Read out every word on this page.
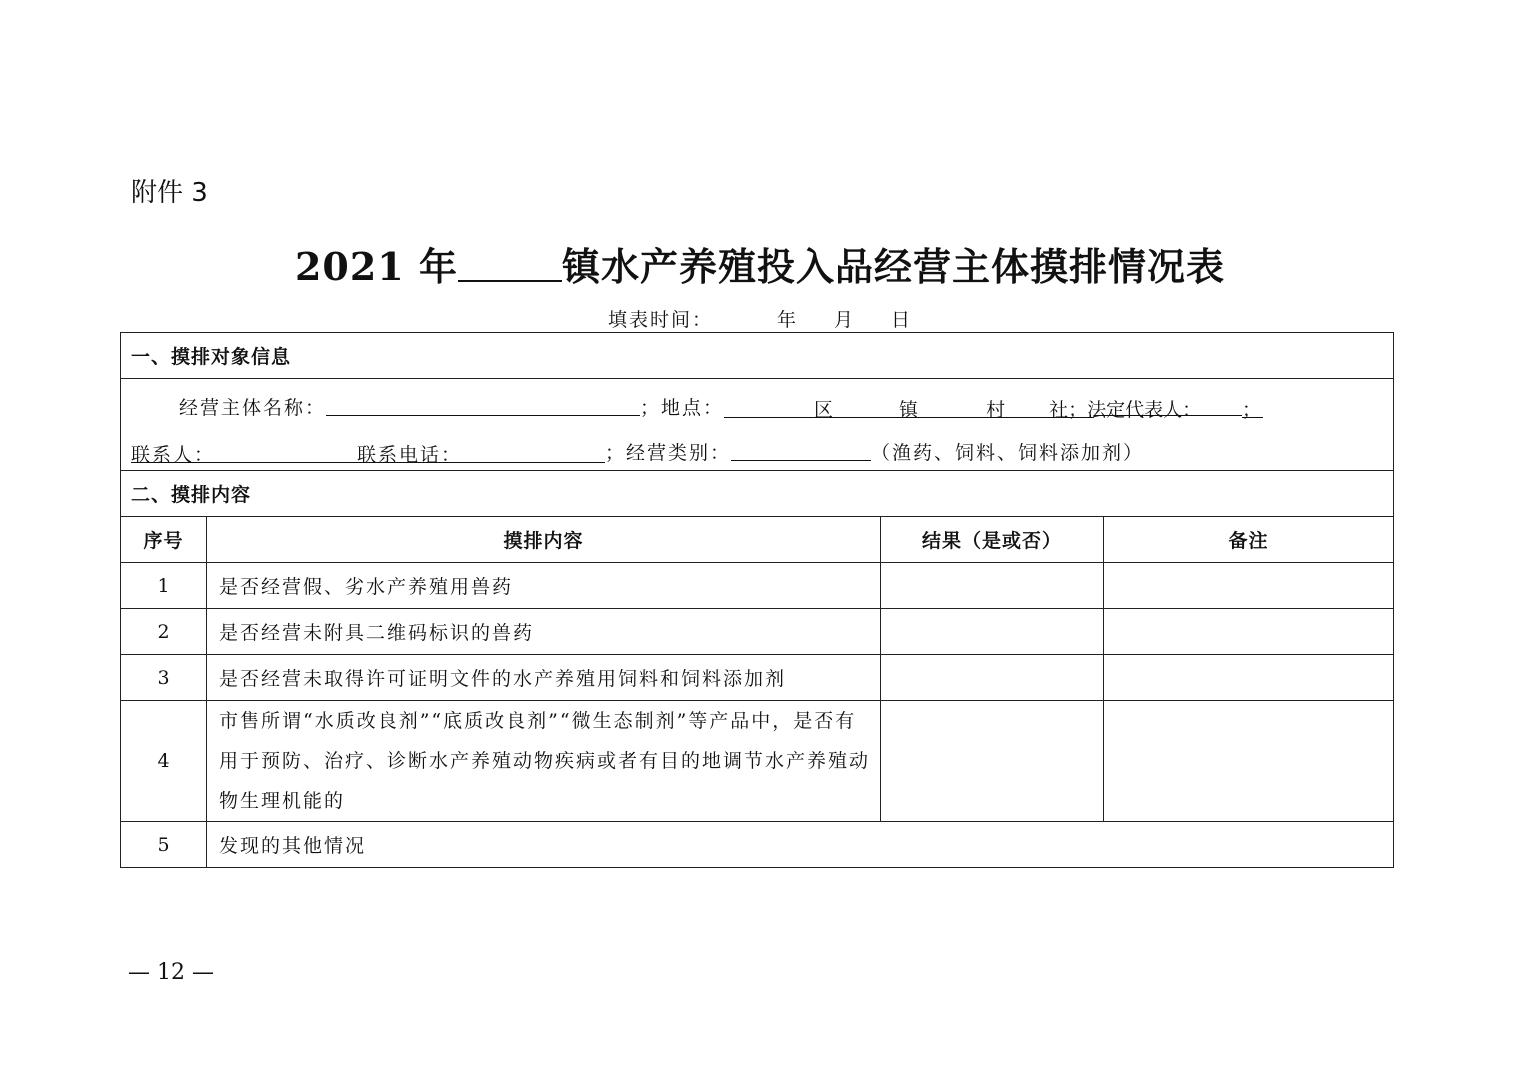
附件 3
2021 年	镇水产养殖投入品经营主体摸排情况表
填表时间：	年 月 日
一、摸排对象信息			

经营主体名称： ；地点： 区 镇 村 社；法定代表人： ；
联系人： 联系电话： ；经营类别： （渔药、饲料、饲料添加剂）			

二、摸排内容			
序号	摸排内容	结果（是或否）	备注
1	是否经营假、劣水产养殖用兽药		
2	是否经营未附具二维码标识的兽药		
3	是否经营未取得许可证明文件的水产养殖用饲料和饲料添加剂		
4	市售所谓“水质改良剂”“底质改良剂”“微生态制剂”等产品中，是否有用于预防、治疗、诊断水产养殖动物疾病或者有目的地调节水产养殖动物生理机能的		
5	发现的其他情况		
— 12 —
